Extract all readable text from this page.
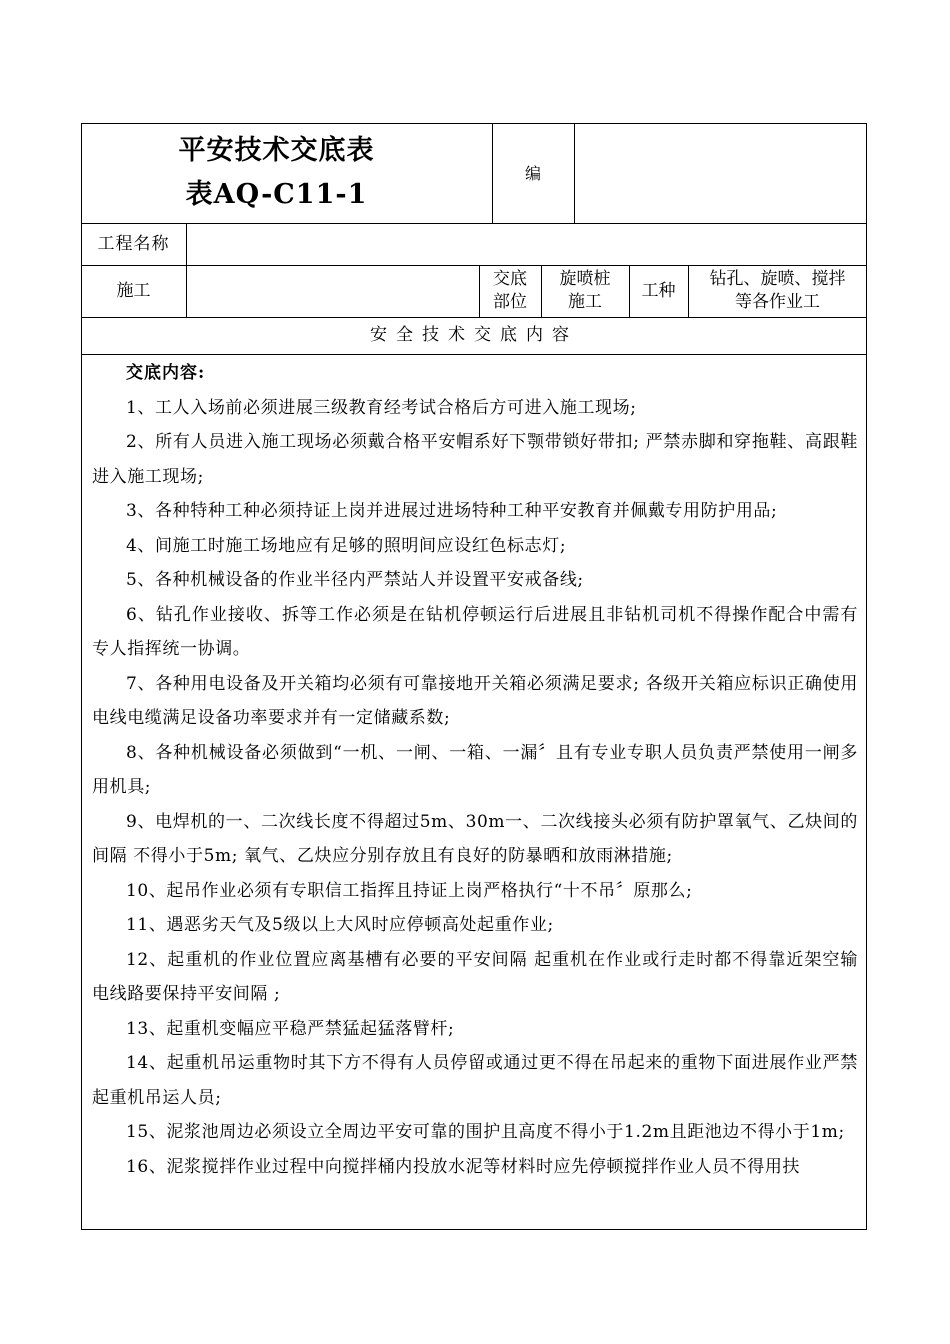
平安技术交底表
表AQ-C11-1
编
工程名称
施工
交底
部位
旋喷桩
施工
工种
钻孔、旋喷、搅拌
等各作业工
安全技术交底内容

交底内容:

1、工人入场前必须进展三级教育经考试合格后方可进入施工现场;

2、所有人员进入施工现场必须戴合格平安帽系好下颚带锁好带扣; 严禁赤脚和穿拖鞋、高跟鞋进入施工现场;

3、各种特种工种必须持证上岗并进展过进场特种工种平安教育并佩戴专用防护用品;

4、间施工时施工场地应有足够的照明间应设红色标志灯;

5、各种机械设备的作业半径内严禁站人并设置平安戒备线;

6、钻孔作业接收、拆等工作必须是在钻机停顿运行后进展且非钻机司机不得操作配合中需有专人指挥统一协调。

7、各种用电设备及开关箱均必须有可靠接地开关箱必须满足要求; 各级开关箱应标识正确使用电线电缆满足设备功率要求并有一定储藏系数;

8、各种机械设备必须做到“一机、一闸、一箱、一漏〞且有专业专职人员负责严禁使用一闸多用机具;

9、电焊机的一、二次线长度不得超过5m、30m一、二次线接头必须有防护罩氧气、乙炔间的间隔 不得小于5m; 氧气、乙炔应分别存放且有良好的防暴晒和放雨淋措施;

10、起吊作业必须有专职信工指挥且持证上岗严格执行“十不吊〞原那么;

11、遇恶劣天气及5级以上大风时应停顿高处起重作业;

12、起重机的作业位置应离基槽有必要的平安间隔 起重机在作业或行走时都不得靠近架空输电线路要保持平安间隔 ;

13、起重机变幅应平稳严禁猛起猛落臂杆;

14、起重机吊运重物时其下方不得有人员停留或通过更不得在吊起来的重物下面进展作业严禁起重机吊运人员;

15、泥浆池周边必须设立全周边平安可靠的围护且高度不得小于1.2m且距池边不得小于1m;

16、泥浆搅拌作业过程中向搅拌桶内投放水泥等材料时应先停顿搅拌作业人员不得用扶
